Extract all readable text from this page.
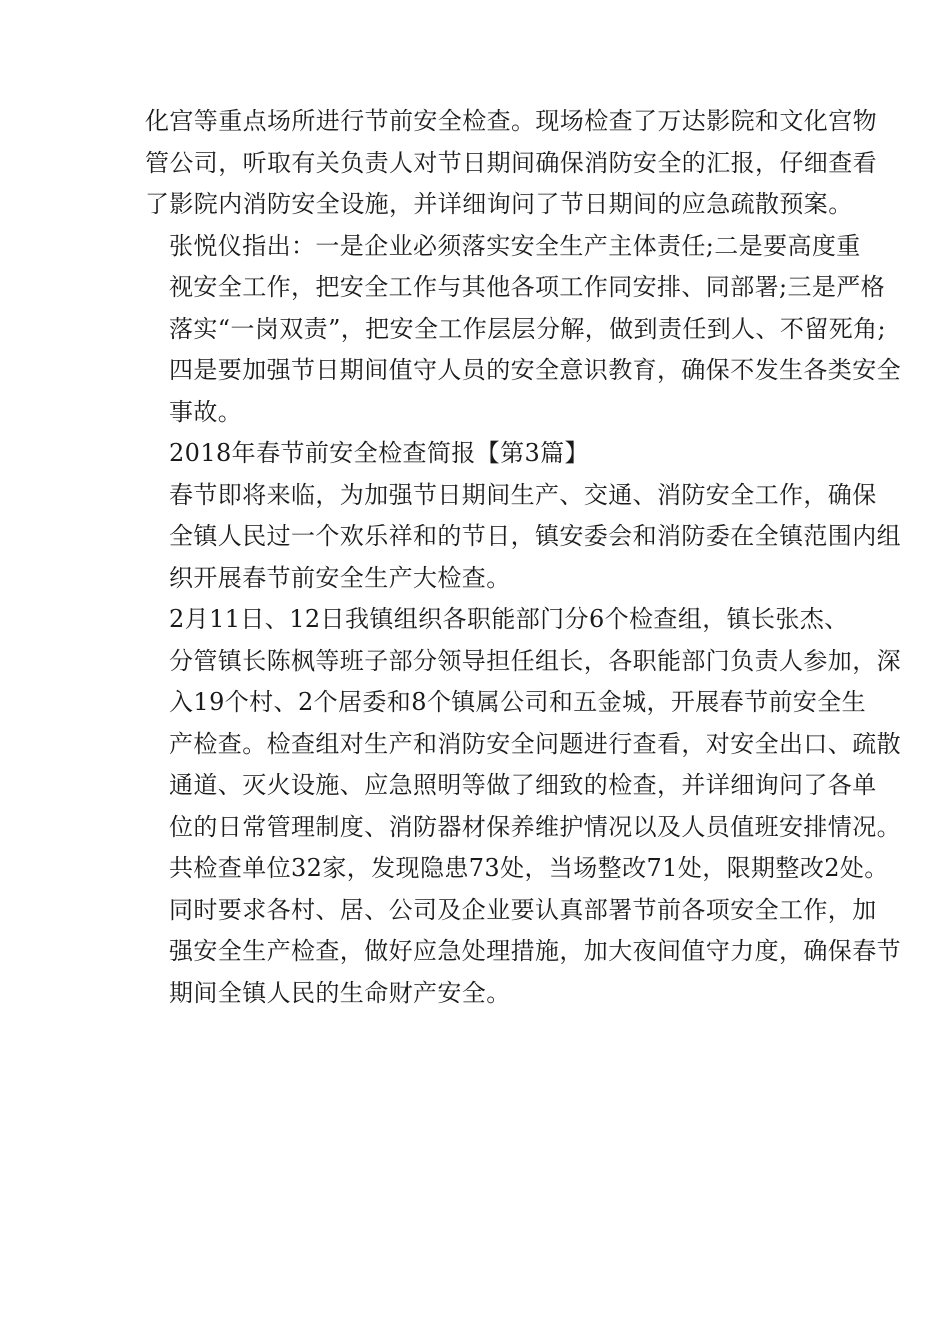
化宫等重点场所进行节前安全检查。现场检查了万达影院和文化宫物
管公司，听取有关负责人对节日期间确保消防安全的汇报，仔细查看
了影院内消防安全设施，并详细询问了节日期间的应急疏散预案。

张悦仪指出：一是企业必须落实安全生产主体责任;二是要高度重
视安全工作，把安全工作与其他各项工作同安排、同部署;三是严格
落实“一岗双责”，把安全工作层层分解，做到责任到人、不留死角;
四是要加强节日期间值守人员的安全意识教育，确保不发生各类安全
事故。

2018年春节前安全检查简报【第3篇】

春节即将来临，为加强节日期间生产、交通、消防安全工作，确保
全镇人民过一个欢乐祥和的节日，镇安委会和消防委在全镇范围内组
织开展春节前安全生产大检查。

2月11日、12日我镇组织各职能部门分6个检查组，镇长张杰、
分管镇长陈枫等班子部分领导担任组长，各职能部门负责人参加，深
入19个村、2个居委和8个镇属公司和五金城，开展春节前安全生
产检查。检查组对生产和消防安全问题进行查看，对安全出口、疏散
通道、灭火设施、应急照明等做了细致的检查，并详细询问了各单
位的日常管理制度、消防器材保养维护情况以及人员值班安排情况。
共检查单位32家，发现隐患73处，当场整改71处，限期整改2处。

同时要求各村、居、公司及企业要认真部署节前各项安全工作，加
强安全生产检查，做好应急处理措施，加大夜间值守力度，确保春节
期间全镇人民的生命财产安全。
